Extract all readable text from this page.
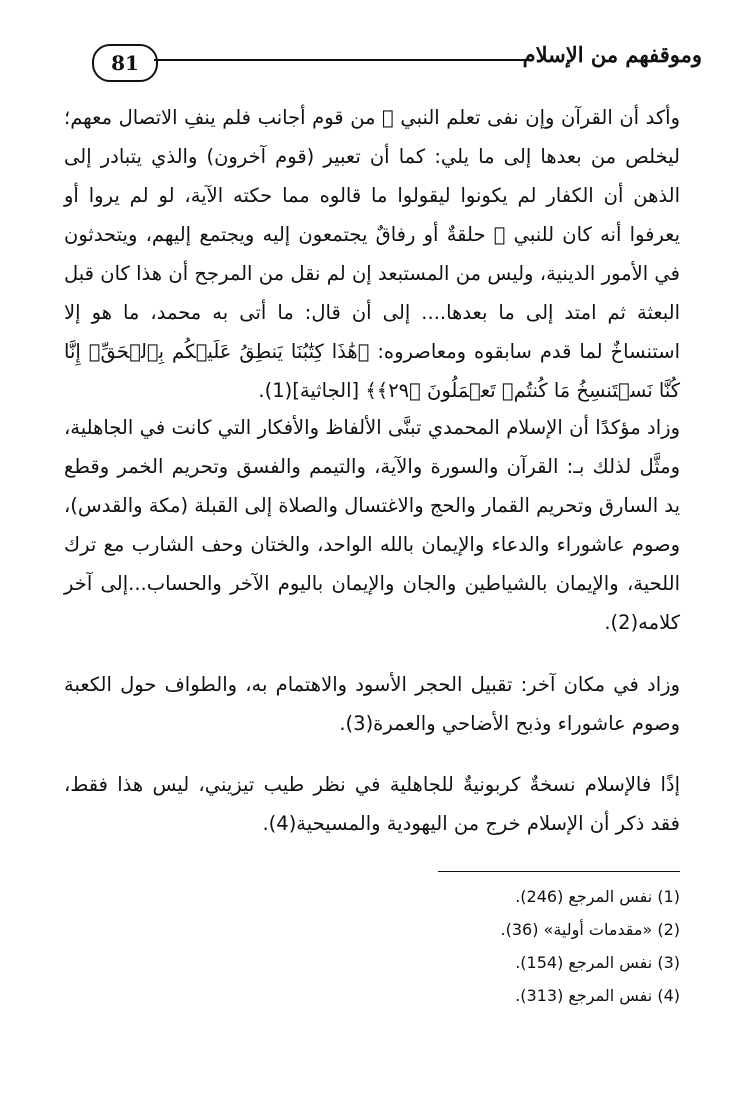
81	وموقفهم من الإسلام

وأكد أن القرآن وإن نفى تعلم النبي ﷺ من قوم أجانب فلم ينفِ الاتصال معهم؛ ليخلص من بعدها إلى ما يلي: كما أن تعبير (قوم آخرون) والذي يتبادر إلى الذهن أن الكفار لم يكونوا ليقولوا ما قالوه مما حكته الآية، لو لم يروا أو يعرفوا أنه كان للنبي ﷺ حلقةٌ أو رفاقٌ يجتمعون إليه ويجتمع إليهم، ويتحدثون في الأمور الدينية، وليس من المستبعد إن لم نقل من المرجح أن هذا كان قبل البعثة ثم امتد إلى ما بعدها.... إلى أن قال: ما أتى به محمد، ما هو إلا استنساخٌ لما قدم سابقوه ومعاصروه: ﴿هَٰذَا كِتَٰبُنَا يَنطِقُ عَلَيۡكُم بِٱلۡحَقِّۚ إِنَّا كُنَّا نَسۡتَنسِخُ مَا كُنتُمۡ تَعۡمَلُونَ ﴿٢٩﴾﴾ [الجاثية](1).

وزاد مؤكدًا أن الإسلام المحمدي تبنَّى الألفاظ والأفكار التي كانت في الجاهلية، ومثَّل لذلك بـ: القرآن والسورة والآية، والتيمم والفسق وتحريم الخمر وقطع يد السارق وتحريم القمار والحج والاغتسال والصلاة إلى القبلة (مكة والقدس)، وصوم عاشوراء والدعاء والإيمان بالله الواحد، والختان وحف الشارب مع ترك اللحية، والإيمان بالشياطين والجان والإيمان باليوم الآخر والحساب...إلى آخر كلامه(2).

وزاد في مكان آخر: تقبيل الحجر الأسود والاهتمام به، والطواف حول الكعبة وصوم عاشوراء وذبح الأضاحي والعمرة(3).

إذًا فالإسلام نسخةٌ كربونيةٌ للجاهلية في نظر طيب تيزيني، ليس هذا فقط، فقد ذكر أن الإسلام خرج من اليهودية والمسيحية(4).

(1) نفس المرجع (246).
(2) «مقدمات أولية» (36).
(3) نفس المرجع (154).
(4) نفس المرجع (313).
